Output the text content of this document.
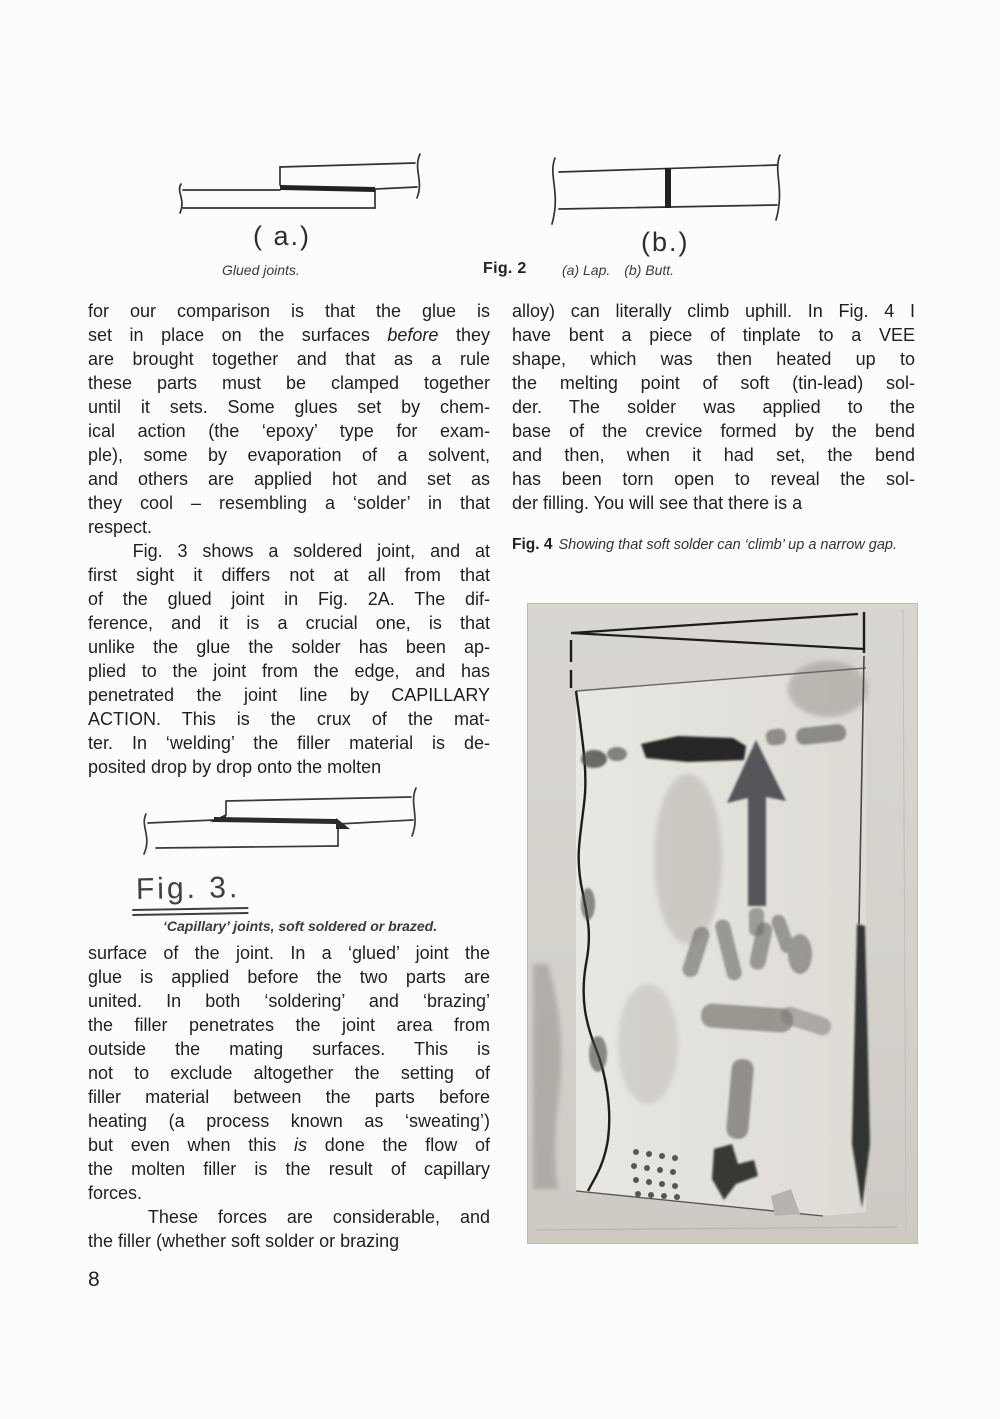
( a.)	(b.)
Glued joints.	Fig. 2	(a) Lap.  (b) Butt.
for our comparison is that the glue is
set in place on the surfaces before they
are brought together and that as a rule
these parts must be clamped together
until it sets. Some glues set by chem-
ical action (the ‘epoxy’ type for exam-
ple), some by evaporation of a solvent,
and others are applied hot and set as
they cool – resembling a ‘solder’ in that
respect.
Fig. 3 shows a soldered joint, and at
first sight it differs not at all from that
of the glued joint in Fig. 2A. The dif-
ference, and it is a crucial one, is that
unlike the glue the solder has been ap-
plied to the joint from the edge, and has
penetrated the joint line by CAPILLARY
ACTION. This is the crux of the mat-
ter. In ‘welding’ the filler material is de-
posited drop by drop onto the molten
Fig. 3.
‘Capillary’ joints, soft soldered or brazed.
surface of the joint. In a ‘glued’ joint the
glue is applied before the two parts are
united. In both ‘soldering’ and ‘brazing’
the filler penetrates the joint area from
outside the mating surfaces. This is
not to exclude altogether the setting of
filler material between the parts before
heating (a process known as ‘sweating’)
but even when this is done the flow of
the molten filler is the result of capillary
forces.
These forces are considerable, and
the filler (whether soft solder or brazing
alloy) can literally climb uphill. In Fig. 4 I
have bent a piece of tinplate to a VEE
shape, which was then heated up to
the melting point of soft (tin-lead) sol-
der. The solder was applied to the
base of the crevice formed by the bend
and then, when it had set, the bend
has been torn open to reveal the sol-
der filling. You will see that there is a
Fig. 4 Showing that soft solder can ‘climb’ up a narrow gap.
8
